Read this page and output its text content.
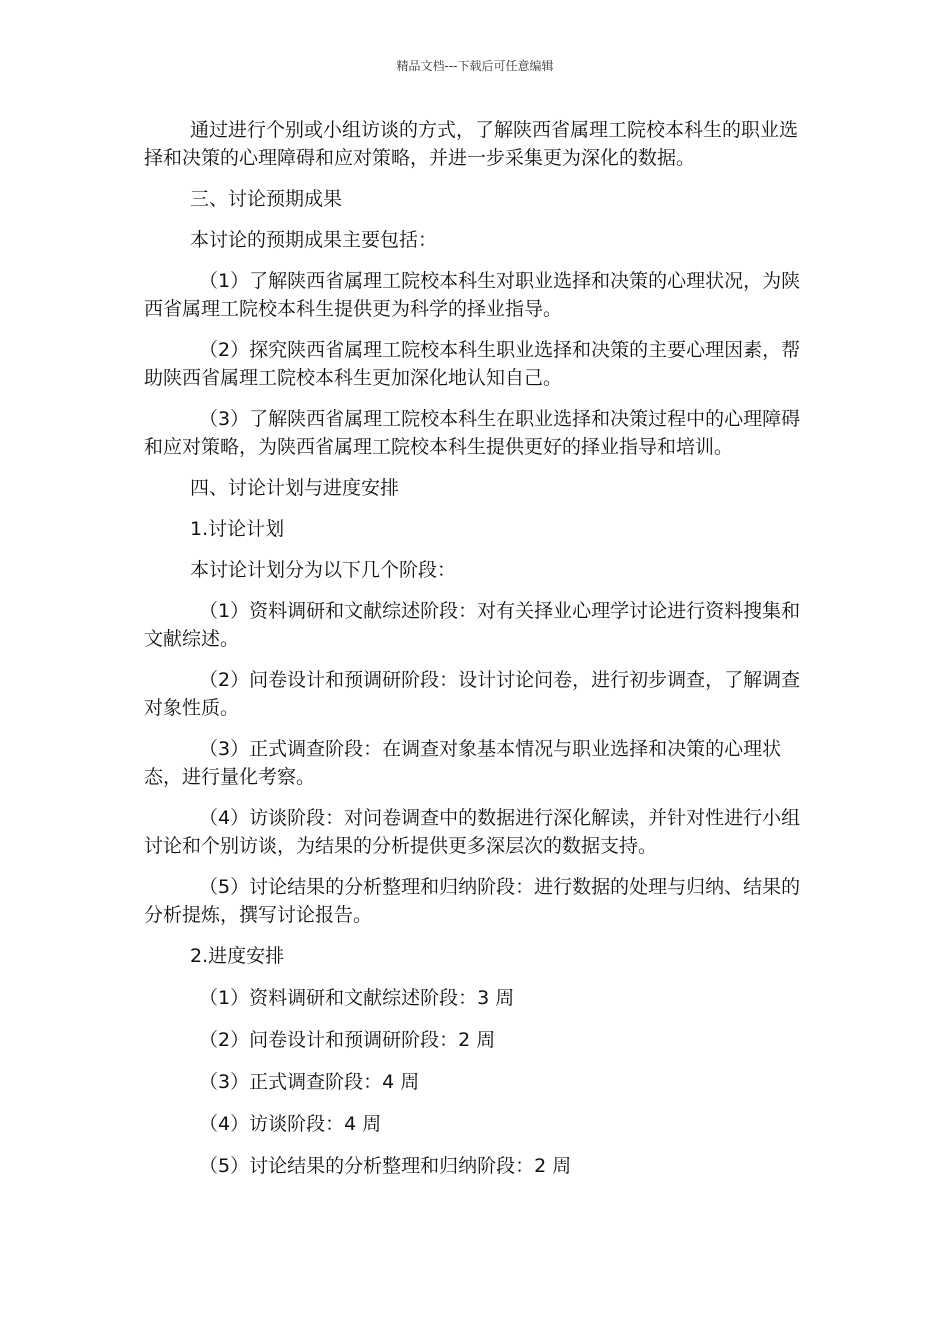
精品文档---下载后可任意编辑

通过进行个别或小组访谈的方式，了解陕西省属理工院校本科生的职业选择和决策的心理障碍和应对策略，并进一步采集更为深化的数据。

三、讨论预期成果

本讨论的预期成果主要包括：

（1）了解陕西省属理工院校本科生对职业选择和决策的心理状况，为陕西省属理工院校本科生提供更为科学的择业指导。

（2）探究陕西省属理工院校本科生职业选择和决策的主要心理因素，帮助陕西省属理工院校本科生更加深化地认知自己。

（3）了解陕西省属理工院校本科生在职业选择和决策过程中的心理障碍和应对策略，为陕西省属理工院校本科生提供更好的择业指导和培训。

四、讨论计划与进度安排

1.讨论计划

本讨论计划分为以下几个阶段：

（1）资料调研和文献综述阶段：对有关择业心理学讨论进行资料搜集和文献综述。

（2）问卷设计和预调研阶段：设计讨论问卷，进行初步调查，了解调查对象性质。

（3）正式调查阶段：在调查对象基本情况与职业选择和决策的心理状态，进行量化考察。

（4）访谈阶段：对问卷调查中的数据进行深化解读，并针对性进行小组讨论和个别访谈，为结果的分析提供更多深层次的数据支持。

（5）讨论结果的分析整理和归纳阶段：进行数据的处理与归纳、结果的分析提炼，撰写讨论报告。

2.进度安排

（1）资料调研和文献综述阶段：3 周

（2）问卷设计和预调研阶段：2 周

（3）正式调查阶段：4 周

（4）访谈阶段：4 周

（5）讨论结果的分析整理和归纳阶段：2 周
